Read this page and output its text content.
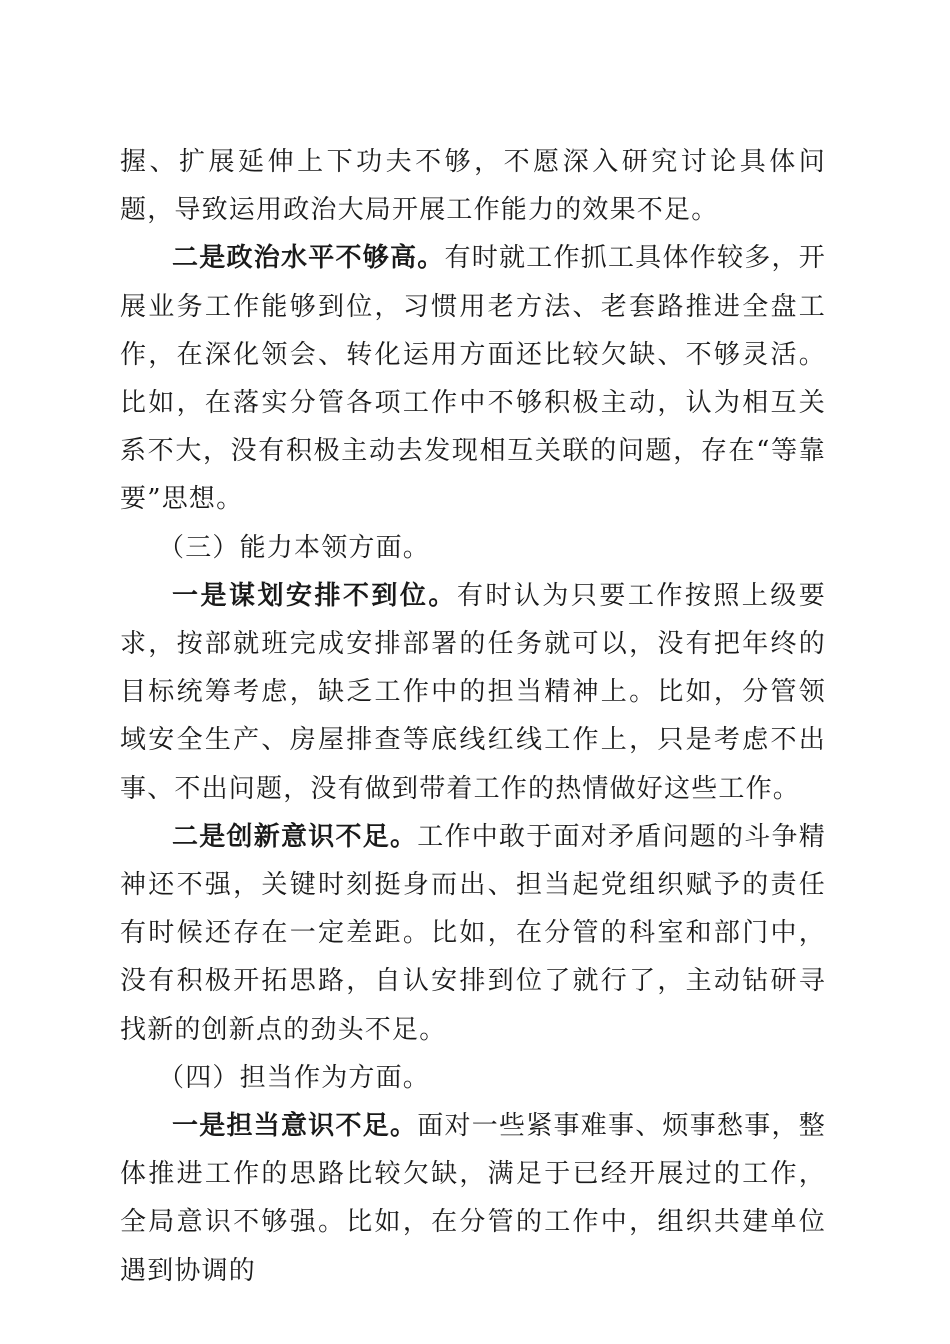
握、扩展延伸上下功夫不够，不愿深入研究讨论具体问题，导致运用政治大局开展工作能力的效果不足。

二是政治水平不够高。有时就工作抓工具体作较多，开展业务工作能够到位，习惯用老方法、老套路推进全盘工作，在深化领会、转化运用方面还比较欠缺、不够灵活。比如，在落实分管各项工作中不够积极主动，认为相互关系不大，没有积极主动去发现相互关联的问题，存在“等靠要”思想。

（三）能力本领方面。

一是谋划安排不到位。有时认为只要工作按照上级要求，按部就班完成安排部署的任务就可以，没有把年终的目标统筹考虑，缺乏工作中的担当精神上。比如，分管领域安全生产、房屋排查等底线红线工作上，只是考虑不出事、不出问题，没有做到带着工作的热情做好这些工作。

二是创新意识不足。工作中敢于面对矛盾问题的斗争精神还不强，关键时刻挺身而出、担当起党组织赋予的责任有时候还存在一定差距。比如，在分管的科室和部门中，没有积极开拓思路，自认安排到位了就行了，主动钻研寻找新的创新点的劲头不足。

（四）担当作为方面。

一是担当意识不足。面对一些紧事难事、烦事愁事，整体推进工作的思路比较欠缺，满足于已经开展过的工作，全局意识不够强。比如，在分管的工作中，组织共建单位遇到协调的
